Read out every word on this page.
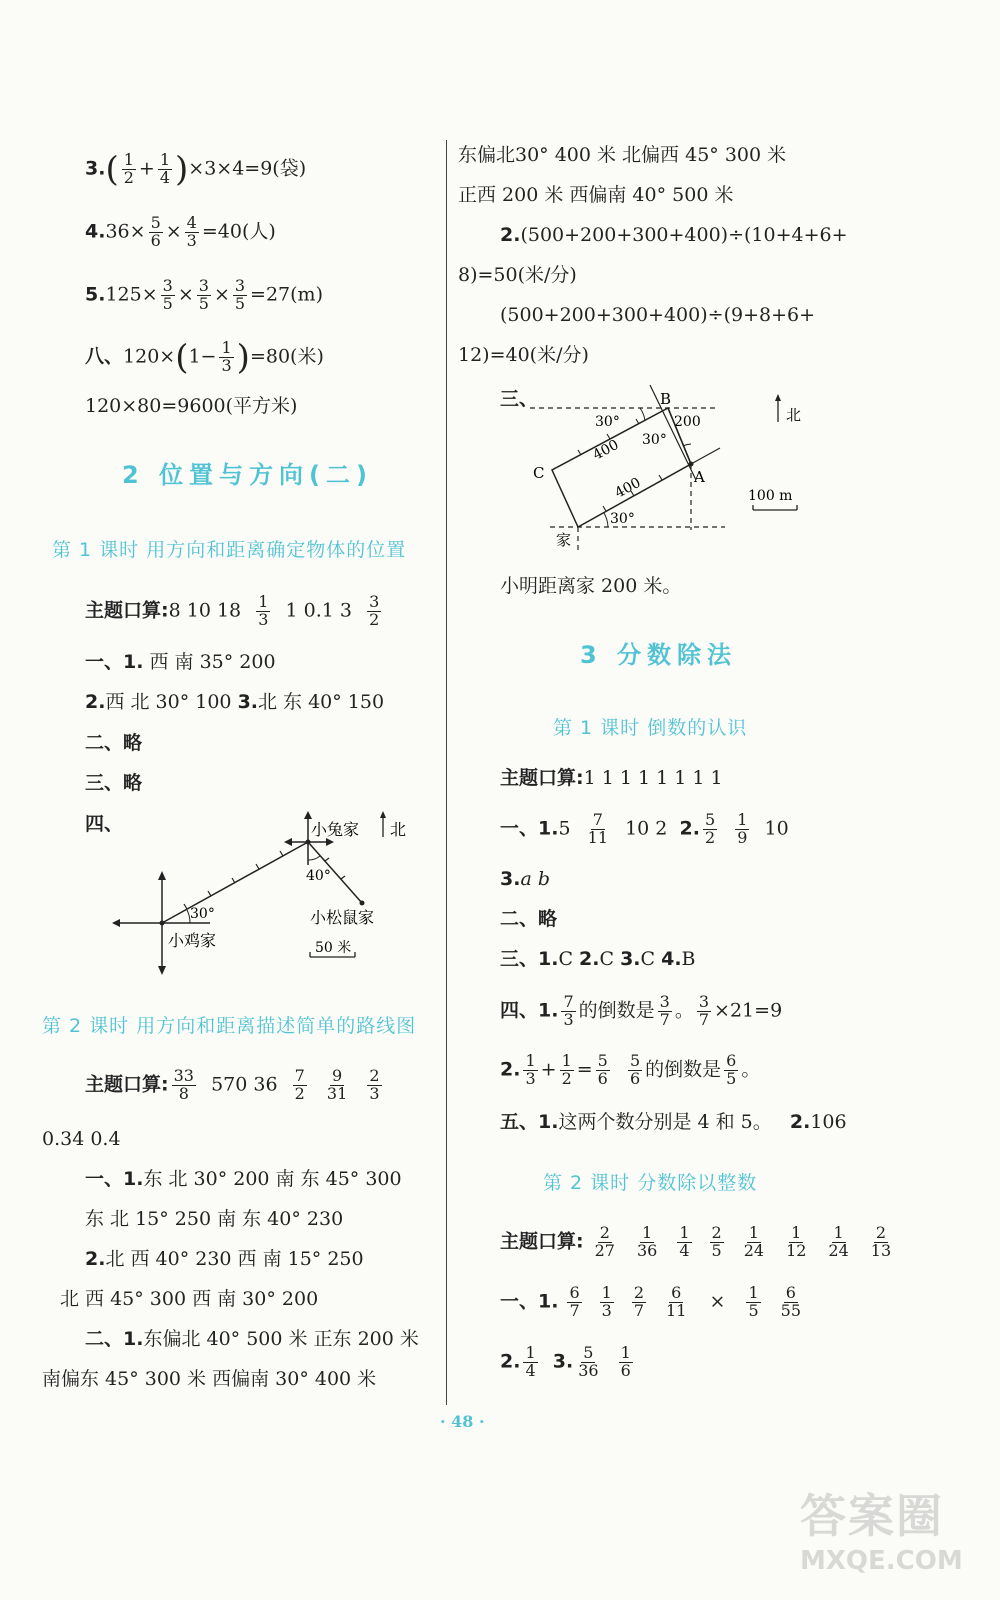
$3.( \frac{1}{2} + \frac{1}{4} )\times 3\times 4=9$(袋)
$4.36\times \frac{5}{6} \times \frac{4}{3} =40$(人)
$5.125\times \frac{3}{5} \times \frac{3}{5} \times \frac{3}{5} =27(m)$
八、$120\times(1- \frac{1}{3} )=80$(米)
120×80=9600(平方米)
2 位置与方向(二)
第 1 课时 用方向和距离确定物体的位置
主题口算:8 10 $18 \frac{1}{3} 1$ 0.1 $3 \frac{3}{2}$
一、1. 西 南 35° 200
2.西 北 30° 100 3.北 东 40° 150
二、略
三、略
四、	小兔家 北
40°
小松鼠家
30°
小鸡家	50 米
第 2 课时 用方向和距离描述简单的路线图
主题口算: $\frac{33}{8} 570$ $36 \frac{7}{2}$
$\frac{9}{31}$
$\frac{2}{3}$
0.34 0.4
一、1.东 北 30° 200 南 东 45° 300
东 北 15° 250 南 东 40° 230
2.北 西 40° 230 西 南 15° 250
北 西 45° 300 西 南 30° 200
二、1.东偏北 40° 500 米 正东 200 米
南偏东 45° 300 米 西偏南 30° 400 米
东偏北30° 400 米 北偏西 45° 300 米
正西 200 米 西偏南 40° 500 米
2.(500+200+300+400)÷(10+4+6+
8)=50(米/分)
(500+200+300+400)÷(9+8+6+
12)=40(米/分)
三、	B
C	A
家
北
30°
30°
30°
200
400
400	100 m
小明距离家 200 米。
3 分数除法
第 1 课时 倒数的认识
主题口算:1 1 1 1 1 1 1 1
一、$1.5 \frac{7}{11} 10$ 2 2. $\frac{5}{2}$
$\frac{1}{9} 10$
3.a b
二、略
三、1.C 2.C 3.C 4.B
四、1. $\frac{7}{3}$ 的倒数是 $\frac{3}{7}$ 。 $\frac{3}{7} \times 21=9$
2. $\frac{1}{3} + \frac{1}{2} = \frac{5}{6}$
$\frac{5}{6}$ 的倒数是 $\frac{6}{5}$ 。
五、1.这两个数分别是 4 和 5。 2.106
第 2 课时 分数除以整数
主题口算: $\frac{2}{27} \frac{1}{36} \frac{1}{4} \frac{2}{5} \frac{1}{24} \frac{1}{12} \frac{1}{24} \frac{2}{13}$
一、1. $\frac{6}{7} \frac{1}{3} \frac{2}{7} \frac{6}{11} \times \frac{1}{5} \frac{6}{55}$
2. $\frac{1}{4} 3$. $\frac{5}{36}$
$\frac{1}{6}$
· 48 ·
答案圈
MXQE.COM
